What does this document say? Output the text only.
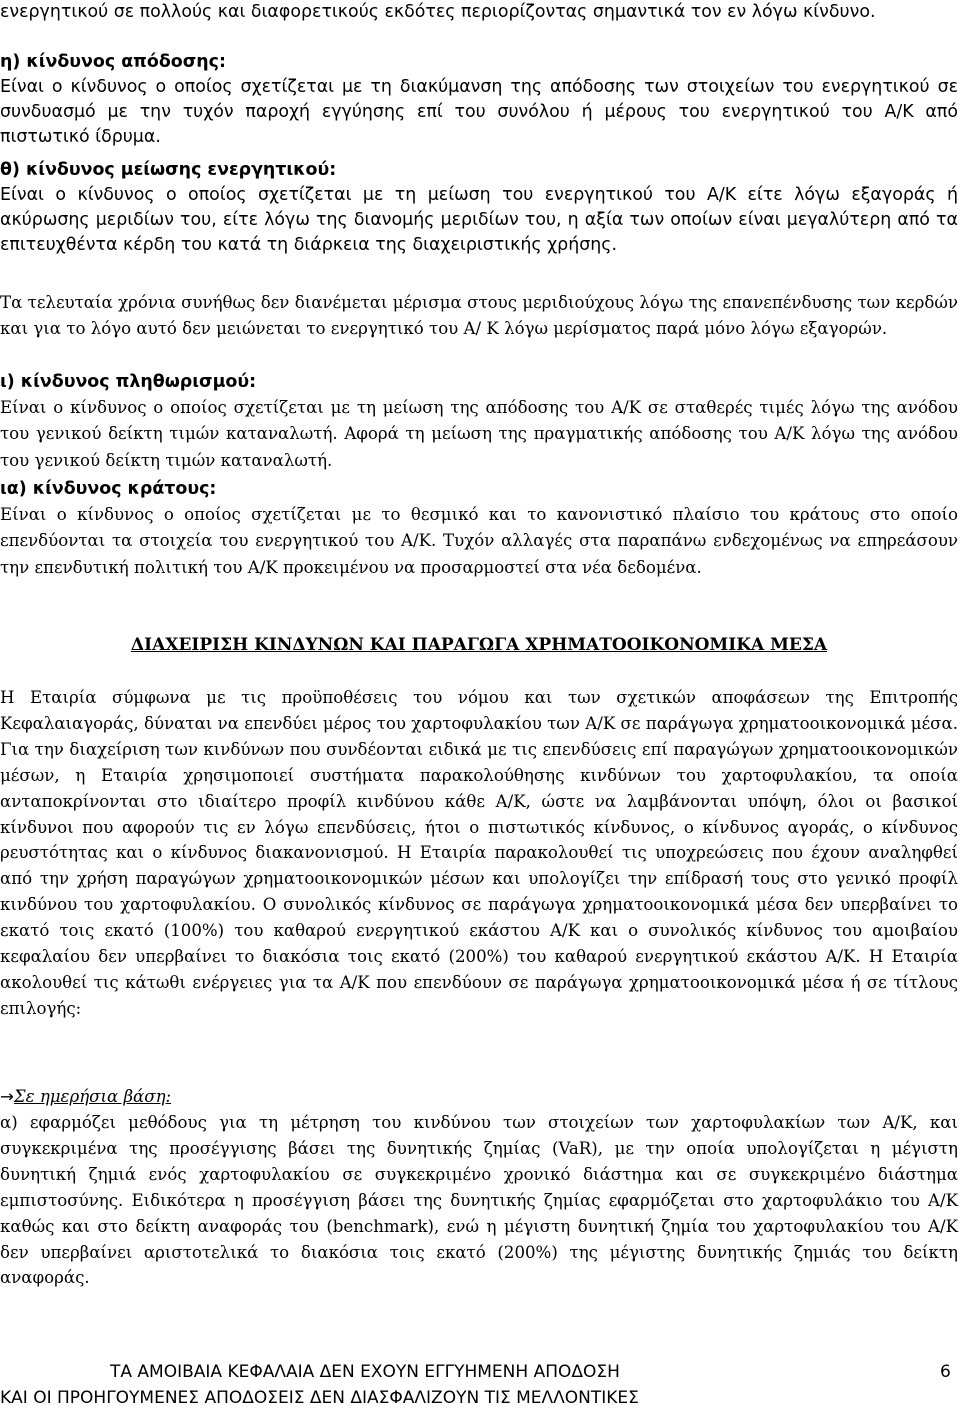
ενεργητικού σε πολλούς και διαφορετικούς εκδότες περιορίζοντας σημαντικά τον εν λόγω κίνδυνο.
η) κίνδυνος απόδοσης:
Είναι ο κίνδυνος ο οποίος σχετίζεται με τη διακύμανση της απόδοσης των στοιχείων του ενεργητικού σε συνδυασμό με την τυχόν παροχή εγγύησης επί του συνόλου ή μέρους του ενεργητικού του Α/Κ από πιστωτικό ίδρυμα.
θ) κίνδυνος μείωσης ενεργητικού:
Είναι ο κίνδυνος ο οποίος σχετίζεται με τη μείωση του ενεργητικού του Α/Κ είτε λόγω εξαγοράς ή ακύρωσης μεριδίων του, είτε λόγω της διανομής μεριδίων του, η αξία των οποίων είναι μεγαλύτερη από τα επιτευχθέντα κέρδη του κατά τη διάρκεια της διαχειριστικής χρήσης.
Τα τελευταία χρόνια συνήθως δεν διανέμεται μέρισμα στους μεριδιούχους λόγω της επανεπένδυσης των κερδών και για το λόγο αυτό δεν μειώνεται το ενεργητικό του Α/ Κ λόγω μερίσματος παρά μόνο λόγω εξαγορών.
ι) κίνδυνος πληθωρισμού:
Είναι ο κίνδυνος ο οποίος σχετίζεται με τη μείωση της απόδοσης του Α/Κ σε σταθερές τιμές λόγω της ανόδου του γενικού δείκτη τιμών καταναλωτή. Αφορά τη μείωση της πραγματικής απόδοσης του Α/Κ λόγω της ανόδου του γενικού δείκτη τιμών καταναλωτή.
ια) κίνδυνος κράτους:
Είναι ο κίνδυνος ο οποίος σχετίζεται με το θεσμικό και το κανονιστικό πλαίσιο του κράτους στο οποίο επενδύονται τα στοιχεία του ενεργητικού του Α/Κ. Τυχόν αλλαγές στα παραπάνω ενδεχομένως να επηρεάσουν την επενδυτική πολιτική του Α/Κ προκειμένου να προσαρμοστεί στα νέα δεδομένα.
ΔΙΑΧΕΙΡΙΣΗ ΚΙΝΔΥΝΩΝ ΚΑΙ ΠΑΡΑΓΩΓΑ ΧΡΗΜΑΤΟΟΙΚΟΝΟΜΙΚΑ ΜΕΣΑ
Η Εταιρία σύμφωνα με τις προϋποθέσεις του νόμου και των σχετικών αποφάσεων της Επιτροπής Κεφαλαιαγοράς, δύναται να επενδύει μέρος του χαρτοφυλακίου των Α/Κ σε παράγωγα χρηματοοικονομικά μέσα. Για την διαχείριση των κινδύνων που συνδέονται ειδικά με τις επενδύσεις επί παραγώγων χρηματοοικονομικών μέσων, η Εταιρία χρησιμοποιεί συστήματα παρακολούθησης κινδύνων του χαρτοφυλακίου, τα οποία ανταποκρίνονται στο ιδιαίτερο προφίλ κινδύνου κάθε Α/Κ, ώστε να λαμβάνονται υπόψη, όλοι οι βασικοί κίνδυνοι που αφορούν τις εν λόγω επενδύσεις, ήτοι ο πιστωτικός κίνδυνος, ο κίνδυνος αγοράς, ο κίνδυνος ρευστότητας και ο κίνδυνος διακανονισμού. Η Εταιρία παρακολουθεί τις υποχρεώσεις που έχουν αναληφθεί από την χρήση παραγώγων χρηματοοικονομικών μέσων και υπολογίζει την επίδρασή τους στο γενικό προφίλ κινδύνου του χαρτοφυλακίου. Ο συνολικός κίνδυνος σε παράγωγα χρηματοοικονομικά μέσα δεν υπερβαίνει το εκατό τοις εκατό (100%) του καθαρού ενεργητικού εκάστου Α/Κ και ο συνολικός κίνδυνος του αμοιβαίου κεφαλαίου δεν υπερβαίνει το διακόσια τοις εκατό (200%) του καθαρού ενεργητικού εκάστου Α/Κ. Η Εταιρία ακολουθεί τις κάτωθι ενέργειες για τα Α/Κ που επενδύουν σε παράγωγα χρηματοοικονομικά μέσα ή σε τίτλους επιλογής:
→Σε ημερήσια βάση:
α) εφαρμόζει μεθόδους για τη μέτρηση του κινδύνου των στοιχείων των χαρτοφυλακίων των Α/Κ, και συγκεκριμένα της προσέγγισης βάσει της δυνητικής ζημίας (VaR), με την οποία υπολογίζεται η μέγιστη δυνητική ζημιά ενός χαρτοφυλακίου σε συγκεκριμένο χρονικό διάστημα και σε συγκεκριμένο διάστημα εμπιστοσύνης. Ειδικότερα η προσέγγιση βάσει της δυνητικής ζημίας εφαρμόζεται στο χαρτοφυλάκιο του Α/Κ καθώς και στο δείκτη αναφοράς του (benchmark), ενώ η μέγιστη δυνητική ζημία του χαρτοφυλακίου του Α/Κ δεν υπερβαίνει αριστοτελικά το διακόσια τοις εκατό (200%) της μέγιστης δυνητικής ζημιάς του δείκτη αναφοράς.
ΤΑ ΑΜΟΙΒΑΙΑ ΚΕΦΑΛΑΙΑ ΔΕΝ ΕΧΟΥΝ ΕΓΓΥΗΜΕΝΗ ΑΠΟΔΟΣΗ	6
ΚΑΙ ΟΙ ΠΡΟΗΓΟΥΜΕΝΕΣ ΑΠΟΔΟΣΕΙΣ ΔΕΝ ΔΙΑΣΦΑΛΙΖΟΥΝ ΤΙΣ ΜΕΛΛΟΝΤΙΚΕΣ
